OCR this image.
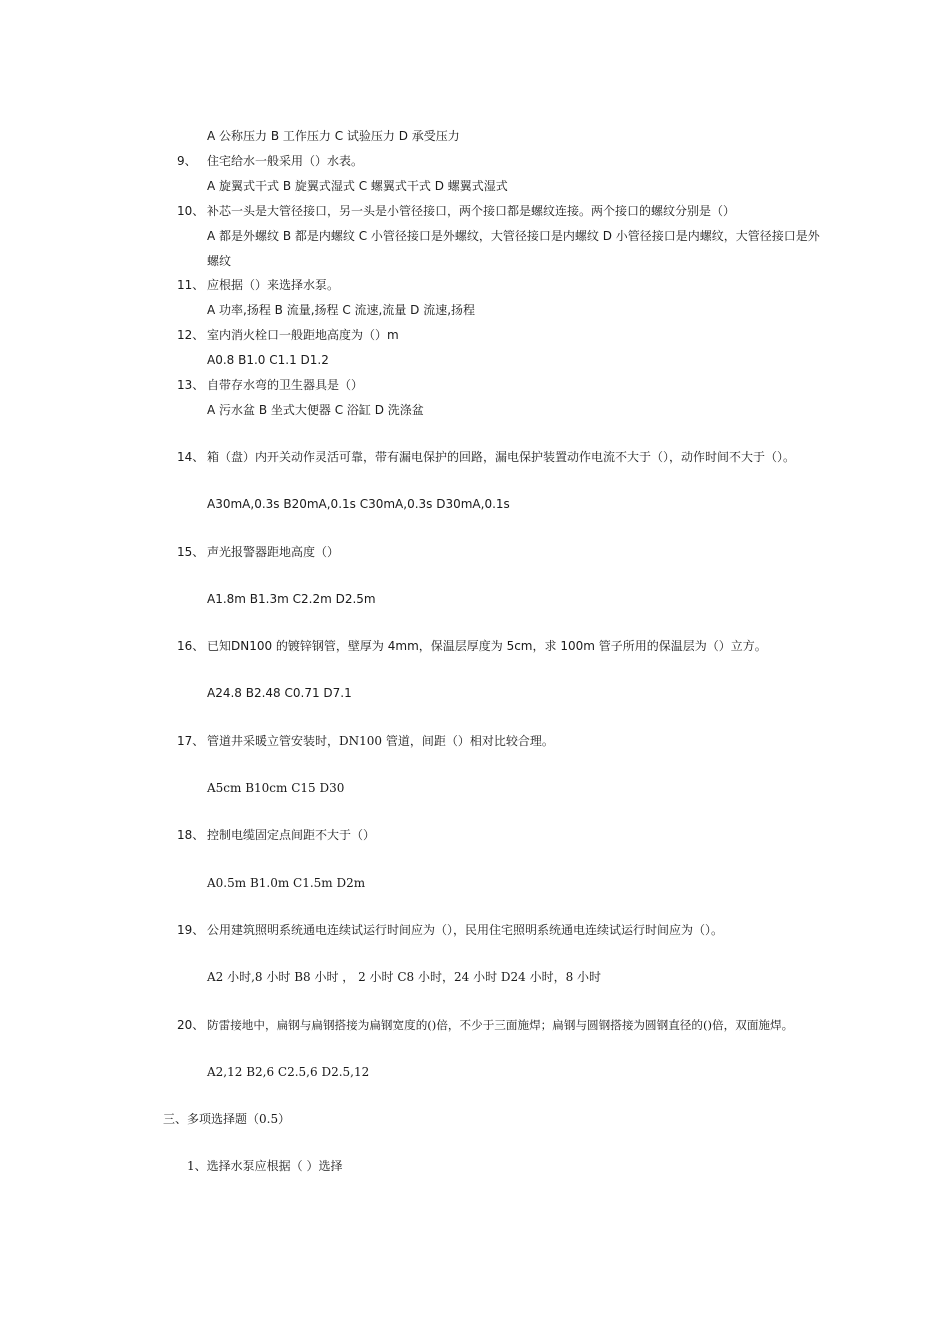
A 公称压力 B 工作压力 C 试验压力 D 承受压力
9、 住宅给水一般采用（）水表。
A 旋翼式干式 B 旋翼式湿式 C 螺翼式干式 D 螺翼式湿式
10、 补芯一头是大管径接口，另一头是小管径接口，两个接口都是螺纹连接。两个接口的螺纹分别是（）
A 都是外螺纹 B 都是内螺纹 C 小管径接口是外螺纹，大管径接口是内螺纹 D 小管径接口是内螺纹，大管径接口是外
螺纹
11、 应根据（）来选择水泵。
A 功率,扬程 B 流量,扬程 C 流速,流量 D 流速,扬程
12、 室内消火栓口一般距地高度为（）m
A0.8 B1.0 C1.1 D1.2
13、 自带存水弯的卫生器具是（）
A 污水盆 B 坐式大便器 C 浴缸 D 洗涤盆
14、 箱（盘）内开关动作灵活可靠，带有漏电保护的回路，漏电保护装置动作电流不大于（），动作时间不大于（）。
A30mA,0.3s B20mA,0.1s C30mA,0.3s D30mA,0.1s
15、 声光报警器距地高度（）
A1.8m B1.3m C2.2m D2.5m
16、 已知DN100 的镀锌钢管，壁厚为 4mm，保温层厚度为 5cm，求 100m 管子所用的保温层为（）立方。
A24.8 B2.48 C0.71 D7.1
17、 管道井采暖立管安装时，DN100 管道，间距（）相对比较合理。
A5cm B10cm C15 D30
18、 控制电缆固定点间距不大于（）
A0.5m B1.0m C1.5m D2m
19、 公用建筑照明系统通电连续试运行时间应为（），民用住宅照明系统通电连续试运行时间应为（）。
A2 小时,8 小时 B8 小时 ， 2 小时 C8 小时，24 小时 D24 小时，8 小时
20、 防雷接地中，扁钢与扁钢搭接为扁钢宽度的()倍，不少于三面施焊；扁钢与圆钢搭接为圆钢直径的()倍，双面施焊。
A2,12 B2,6 C2.5,6 D2.5,12
三、多项选择题（0.5）
1、选择水泵应根据（ ）选择
